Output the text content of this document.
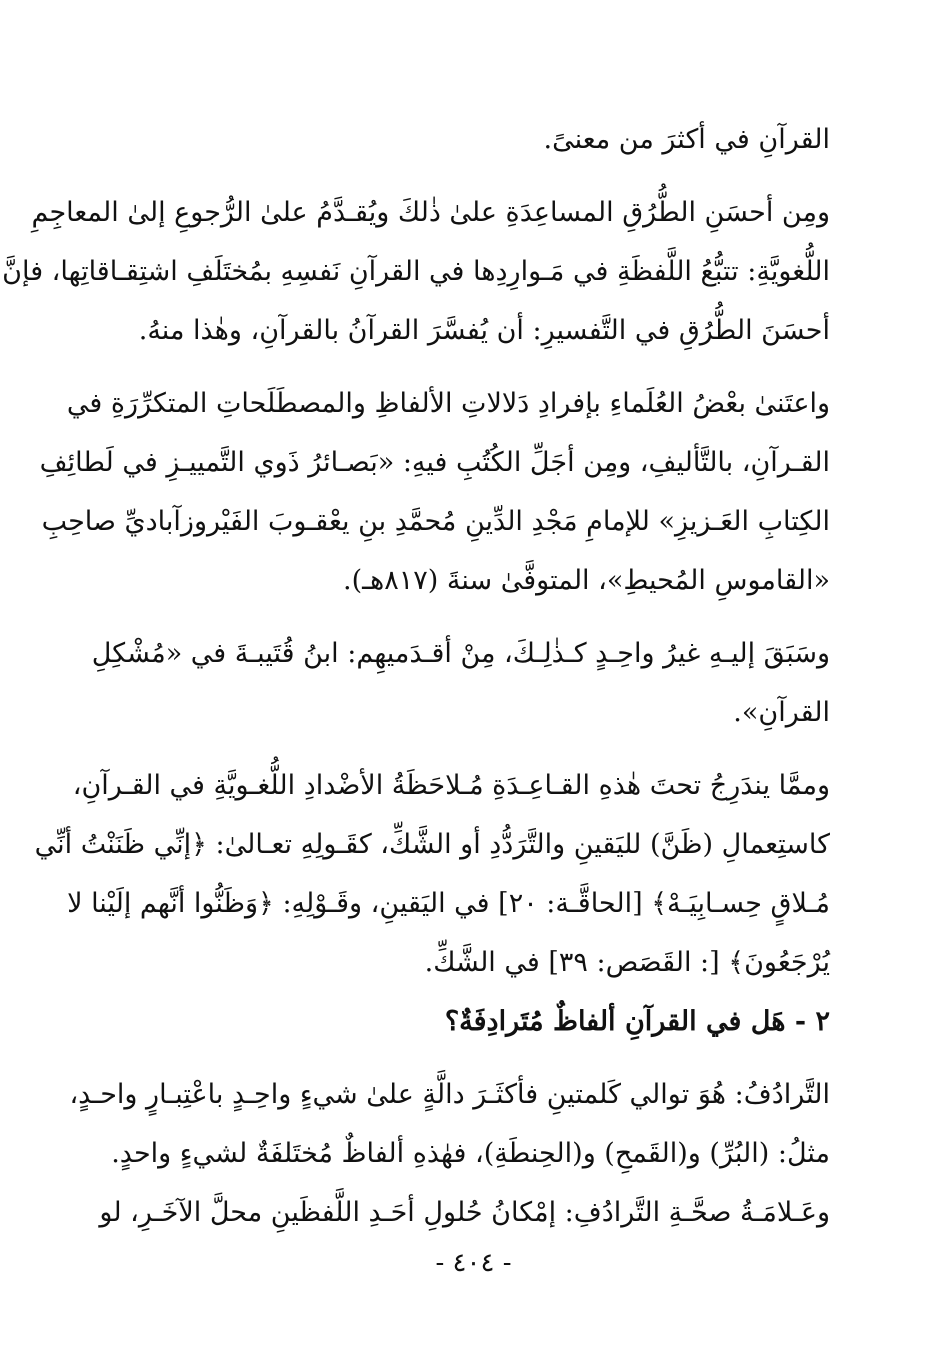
القرآنِ في أكثرَ من معنىً.
ومِن أحسَنِ الطُّرُقِ المساعِدَةِ علىٰ ذٰلكَ ويُقـدَّمُ علىٰ الرُّجوعِ إلىٰ المعاجِمِ
اللُّغويَّةِ: تتبُّعُ اللَّفظَةِ في مَـوارِدِها في القرآنِ نَفسِهِ بمُختَلَفِ اشتِقـاقاتِها، فإنَّ
أحسَنَ الطُّرُقِ في التَّفسيرِ: أن يُفسَّرَ القرآنُ بالقرآنِ، وهٰذا منهُ.
واعتَنىٰ بعْضُ العُلَماءِ بإفرادِ دَلالاتِ الألفاظِ والمصطَلَحاتِ المتكرِّرَةِ في
القـرآنِ، بالتَّأليفِ، ومِن أجَلِّ الكُتُبِ فيهِ: «بَصـائرُ ذَوي التَّمييـزِ في لَطائِفِ
الكِتابِ العَـزيزِ» للإمامِ مَجْدِ الدِّينِ مُحمَّدِ بنِ يعْقـوبَ الفَيْروزآباديِّ صاحِبِ
«القاموسِ المُحيطِ»، المتوفَّىٰ سنةَ (٨١٧هـ).
وسَبَقَ إليـهِ غيرُ واحِـدٍ كـذٰلِـكَ، مِنْ أقـدَميهِم: ابنُ قُتَيبـةَ في «مُشْكِلِ
القرآنِ».
وممَّا يندَرِجُ تحتَ هٰذهِ القـاعِـدَةِ مُـلاحَظَةُ الأضْدادِ اللُّغـويَّةِ في القـرآنِ،
كاستِعمالِ (ظَنَّ) لليَقينِ والتَّرَدُّدِ أو الشَّكِّ، كقَـولِهِ تعـالىٰ: ﴿إنِّي ظَنَنْتُ أنِّي
مُـلاقٍ حِسـابِيَـهْ﴾ [الحاقَّـة: ٢٠] في اليَقينِ، وقَـوْلِهِ: ﴿وَظَنُّوا أنَّهم إلَيْنا لا
يُرْجَعُونَ﴾ [: القَصَص: ٣٩] في الشَّكِّ.
٢ - هَل في القرآنِ ألفاظٌ مُتَرادِفَةٌ؟
التَّرادُفُ: هُوَ توالي كَلمتينِ فأكثَـرَ دالَّةٍ علىٰ شيءٍ واحِـدٍ باعْتِبـارٍ واحـدٍ،
مثلُ: (البُرِّ) و(القَمحِ) و(الحِنطَةِ)، فهٰذهِ ألفاظٌ مُختَلفَةٌ لشيءٍ واحدٍ.
وعَـلامَـةُ صحَّـةِ التَّرادُفِ: إمْكانُ حُلولِ أحَـدِ اللَّفظَينِ محلَّ الآخَـرِ، لو
- ٤٠٤ -
